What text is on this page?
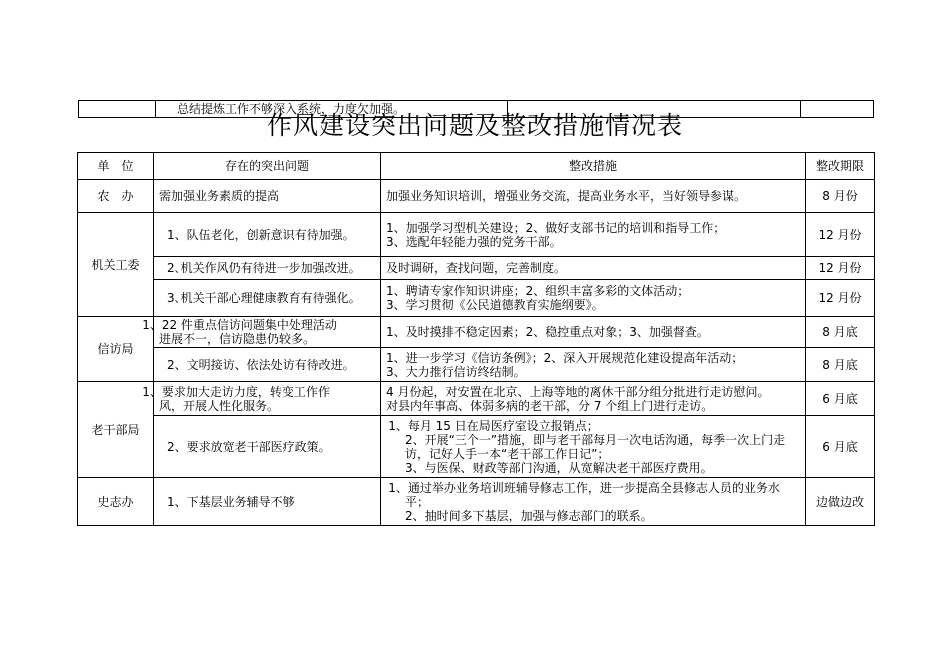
总结提炼工作不够深入系统，力度欠加强。
作风建设突出问题及整改措施情况表
单　位	存在的突出问题	整改措施	整改期限
农　办	需加强业务素质的提高	加强业务知识培训，增强业务交流，提高业务水平，当好领导参谋。	8 月份
机关工委	1、队伍老化，创新意识有待加强。	1、加强学习型机关建设；2、做好支部书记的培训和指导工作；
3、选配年轻能力强的党务干部。	12 月份
	2､机关作风仍有待进一步加强改进。	及时调研，查找问题，完善制度。	12 月份
	3､机关干部心理健康教育有待强化。	1、聘请专家作知识讲座；2、组织丰富多彩的文体活动；
3、学习贯彻《公民道德教育实施纲要》。	12 月份
信访局	1、22 件重点信访问题集中处理活动
进展不一，信访隐患仍较多。	1、及时摸排不稳定因素；2、稳控重点对象；3、加强督查。	8 月底
	2、文明接访、依法处访有待改进。	1、进一步学习《信访条例》；2、深入开展规范化建设提高年活动；
3、大力推行信访终结制。	8 月底
老干部局	1、要求加大走访力度，转变工作作
风，开展人性化服务。	4 月份起，对安置在北京、上海等地的离休干部分组分批进行走访慰问。
对县内年事高、体弱多病的老干部，分 7 个组上门进行走访。	6 月底
	2、要求放宽老干部医疗政策。	1、每月 15 日在局医疗室设立报销点；
2、开展“三个一”措施，即与老干部每月一次电话沟通，每季一次上门走访，记好人手一本“老干部工作日记”；
3、与医保、财政等部门沟通，从宽解决老干部医疗费用。	6 月底
史志办	1、下基层业务辅导不够	1、通过举办业务培训班辅导修志工作，进一步提高全县修志人员的业务水平；
2、抽时间多下基层，加强与修志部门的联系。	边做边改
